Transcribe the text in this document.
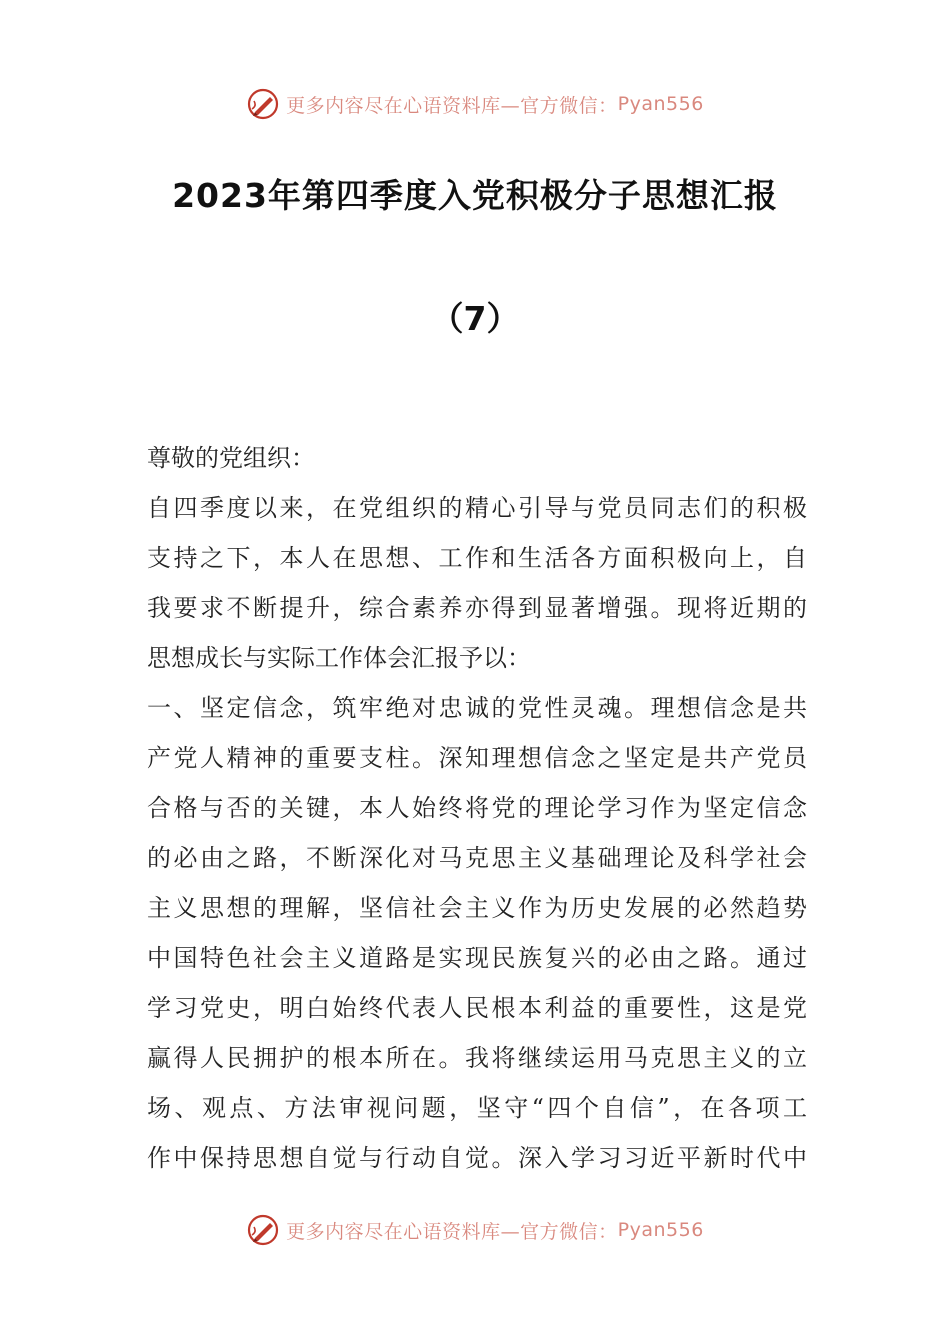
更多内容尽在心语资料库—官方微信： Pyan556
2023年第四季度入党积极分子思想汇报
（7）
尊敬的党组织：
自四季度以来，在党组织的精心引导与党员同志们的积极
支持之下，本人在思想、工作和生活各方面积极向上，自
我要求不断提升，综合素养亦得到显著增强。现将近期的
思想成长与实际工作体会汇报予以：
一、坚定信念，筑牢绝对忠诚的党性灵魂。理想信念是共
产党人精神的重要支柱。深知理想信念之坚定是共产党员
合格与否的关键，本人始终将党的理论学习作为坚定信念
的必由之路，不断深化对马克思主义基础理论及科学社会
主义思想的理解，坚信社会主义作为历史发展的必然趋势
中国特色社会主义道路是实现民族复兴的必由之路。通过
学习党史，明白始终代表人民根本利益的重要性，这是党
赢得人民拥护的根本所在。我将继续运用马克思主义的立
场、观点、方法审视问题，坚守“四个自信”，在各项工
作中保持思想自觉与行动自觉。深入学习习近平新时代中
更多内容尽在心语资料库—官方微信： Pyan556
